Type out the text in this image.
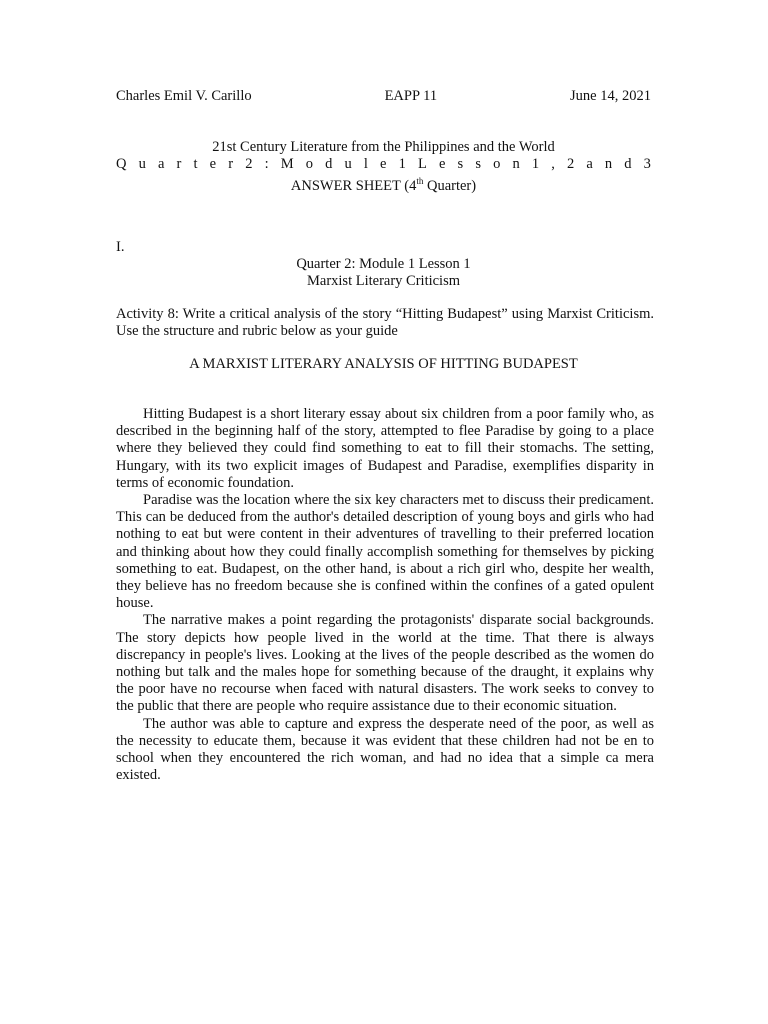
Charles Emil V. Carillo	EAPP 11	June 14, 2021
21st Century Literature from the Philippines and the World
Q u a r t e r 2 : M o d u l e 1 L e s s o n 1 , 2 a n d 3
ANSWER SHEET (4th Quarter)
I.
Quarter 2: Module 1 Lesson 1
Marxist Literary Criticism
Activity 8: Write a critical analysis of the story “Hitting Budapest” using Marxist Criticism. Use the structure and rubric below as your guide
A MARXIST LITERARY ANALYSIS OF HITTING BUDAPEST

Hitting Budapest is a short literary essay about six children from a poor family who, as described in the beginning half of the story, attempted to flee Paradise by going to a place where they believed they could find something to eat to fill their stomachs. The setting, Hungary, with its two explicit images of Budapest and Paradise, exemplifies disparity in terms of economic foundation.

Paradise was the location where the six key characters met to discuss their predicament. This can be deduced from the author's detailed description of young boys and girls who had nothing to eat but were content in their adventures of travelling to their preferred location and thinking about how they could finally accomplish something for themselves by picking something to eat. Budapest, on the other hand, is about a rich girl who, despite her wealth, they believe has no freedom because she is confined within the confines of a gated opulent house.

The narrative makes a point regarding the protagonists' disparate social backgrounds. The story depicts how people lived in the world at the time. That there is always discrepancy in people's lives. Looking at the lives of the people described as the women do nothing but talk and the males hope for something because of the draught, it explains why the poor have no recourse when faced with natural disasters. The work seeks to convey to the public that there are people who require assistance due to their economic situation.

The author was able to capture and express the desperate need of the poor, as well as the necessity to educate them, because it was evident that these children had not be en to school when they encountered the rich woman, and had no idea that a simple ca mera existed.
